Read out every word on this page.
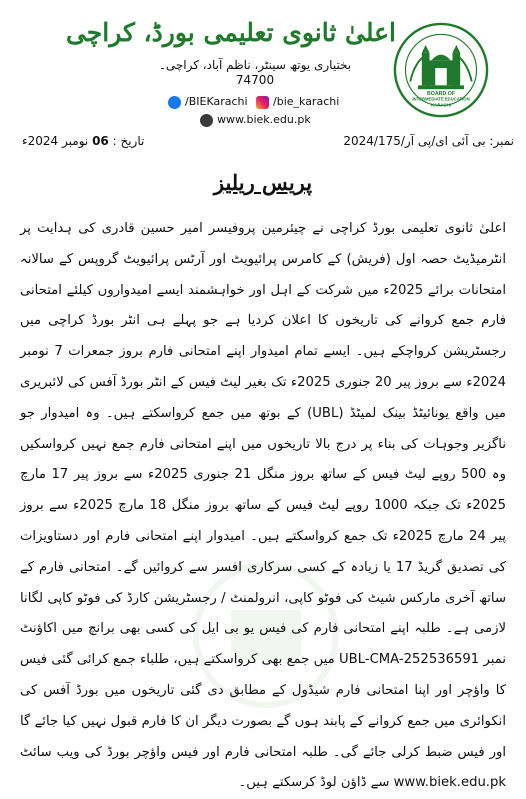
BOARD OF
INTERMEDIATE EDUCATION
KARACHI
اعلیٰ ثانوی تعلیمی بورڈ، کراچی
بختیاری یوتھ سینٹر، ناظم آباد، کراچی۔
74700
/BIEKarachi /bie_karachi
www.biek.edu.pk
نمبر: بی آئی ای/پی آر/2024/175
تاریخ : 06 نومبر 2024ء
پریس ریلیز
اعلیٰ ثانوی تعلیمی بورڈ کراچی نے چیئرمین پروفیسر امیر حسین قادری کی ہدایت پر انٹرمیڈیٹ حصہ اول (فریش) کے کامرس پرائیویٹ اور آرٹس پرائیویٹ گروپس کے سالانہ امتحانات برائے 2025ء میں شرکت کے اہل اور خواہشمند ایسے امیدواروں کیلئے امتحانی فارم جمع کروانے کی تاریخوں کا اعلان کردیا ہے جو پہلے ہی انٹر بورڈ کراچی میں رجسٹریشن کرواچکے ہیں۔ ایسے تمام امیدوار اپنے امتحانی فارم بروز جمعرات 7 نومبر 2024ء سے بروز پیر 20 جنوری 2025ء تک بغیر لیٹ فیس کے انٹر بورڈ آفس کی لائبریری میں واقع یونائیٹڈ بینک لمیٹڈ (UBL) کے بوتھ میں جمع کرواسکتے ہیں۔ وہ امیدوار جو ناگزیر وجوہات کی بناء پر درج بالا تاریخوں میں اپنے امتحانی فارم جمع نہیں کرواسکیں وہ 500 روپے لیٹ فیس کے ساتھ بروز منگل 21 جنوری 2025ء سے بروز پیر 17 مارچ 2025ء تک جبکہ 1000 روپے لیٹ فیس کے ساتھ بروز منگل 18 مارچ 2025ء سے بروز پیر 24 مارچ 2025ء تک جمع کرواسکتے ہیں۔ امیدوار اپنے امتحانی فارم اور دستاویزات کی تصدیق گریڈ 17 یا زیادہ کے کسی سرکاری افسر سے کروائیں گے۔ امتحانی فارم کے ساتھ آخری مارکس شیٹ کی فوٹو کاپی، انرولمنٹ / رجسٹریشن کارڈ کی فوٹو کاپی لگانا لازمی ہے۔ طلبہ اپنے امتحانی فارم کی فیس یو بی ایل کی کسی بھی برانچ میں اکاؤنٹ نمبر UBL-CMA-252536591 میں جمع بھی کرواسکتے ہیں، طلباء جمع کرائی گئی فیس کا واؤچر اور اپنا امتحانی فارم شیڈول کے مطابق دی گئی تاریخوں میں بورڈ آفس کی انکوائری میں جمع کروانے کے پابند ہوں گے بصورت دیگر ان کا فارم قبول نہیں کیا جائے گا اور فیس ضبط کرلی جائے گی۔ طلبہ امتحانی فارم اور فیس واؤچر بورڈ کی ویب سائٹ www.biek.edu.pk سے ڈاؤن لوڈ کرسکتے ہیں۔
